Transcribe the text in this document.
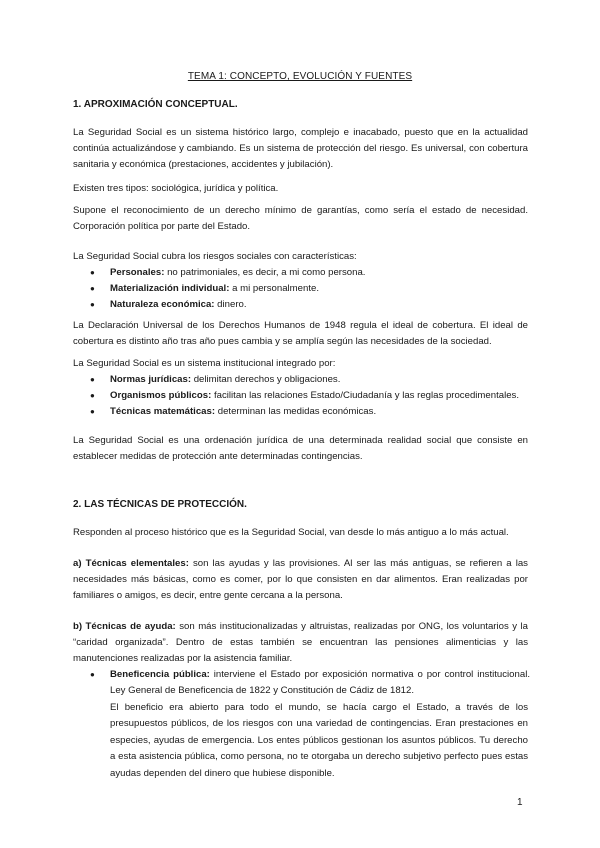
TEMA 1: CONCEPTO, EVOLUCIÓN Y FUENTES
1. APROXIMACIÓN CONCEPTUAL.
La Seguridad Social es un sistema histórico largo, complejo e inacabado, puesto que en la actualidad continúa actualizándose y cambiando. Es un sistema de protección del riesgo. Es universal, con cobertura sanitaria y económica (prestaciones, accidentes y jubilación).
Existen tres tipos: sociológica, jurídica y política.
Supone el reconocimiento de un derecho mínimo de garantías, como sería el estado de necesidad. Corporación política por parte del Estado.
La Seguridad Social cubra los riesgos sociales con características:
● Personales: no patrimoniales, es decir, a mi como persona.
● Materialización individual: a mi personalmente.
● Naturaleza económica: dinero.
La Declaración Universal de los Derechos Humanos de 1948 regula el ideal de cobertura. El ideal de cobertura es distinto año tras año pues cambia y se amplía según las necesidades de la sociedad.
La Seguridad Social es un sistema institucional integrado por:
● Normas jurídicas: delimitan derechos y obligaciones.
● Organismos públicos: facilitan las relaciones Estado/Ciudadanía y las reglas procedimentales.
● Técnicas matemáticas: determinan las medidas económicas.
La Seguridad Social es una ordenación jurídica de una determinada realidad social que consiste en establecer medidas de protección ante determinadas contingencias.
2. LAS TÉCNICAS DE PROTECCIÓN.
Responden al proceso histórico que es la Seguridad Social, van desde lo más antiguo a lo más actual.
a) Técnicas elementales: son las ayudas y las provisiones. Al ser las más antiguas, se refieren a las necesidades más básicas, como es comer, por lo que consisten en dar alimentos. Eran realizadas por familiares o amigos, es decir, entre gente cercana a la persona.
b) Técnicas de ayuda: son más institucionalizadas y altruistas, realizadas por ONG, los voluntarios y la “caridad organizada”. Dentro de estas también se encuentran las pensiones alimenticias y las manutenciones realizadas por la asistencia familiar.
● Beneficencia pública: interviene el Estado por exposición normativa o por control institucional. Ley General de Beneficencia de 1822 y Constitución de Cádiz de 1812.
El beneficio era abierto para todo el mundo, se hacía cargo el Estado, a través de los presupuestos públicos, de los riesgos con una variedad de contingencias. Eran prestaciones en especies, ayudas de emergencia. Los entes públicos gestionan los asuntos públicos. Tu derecho a esta asistencia pública, como persona, no te otorgaba un derecho subjetivo perfecto pues estas ayudas dependen del dinero que hubiese disponible.
1
